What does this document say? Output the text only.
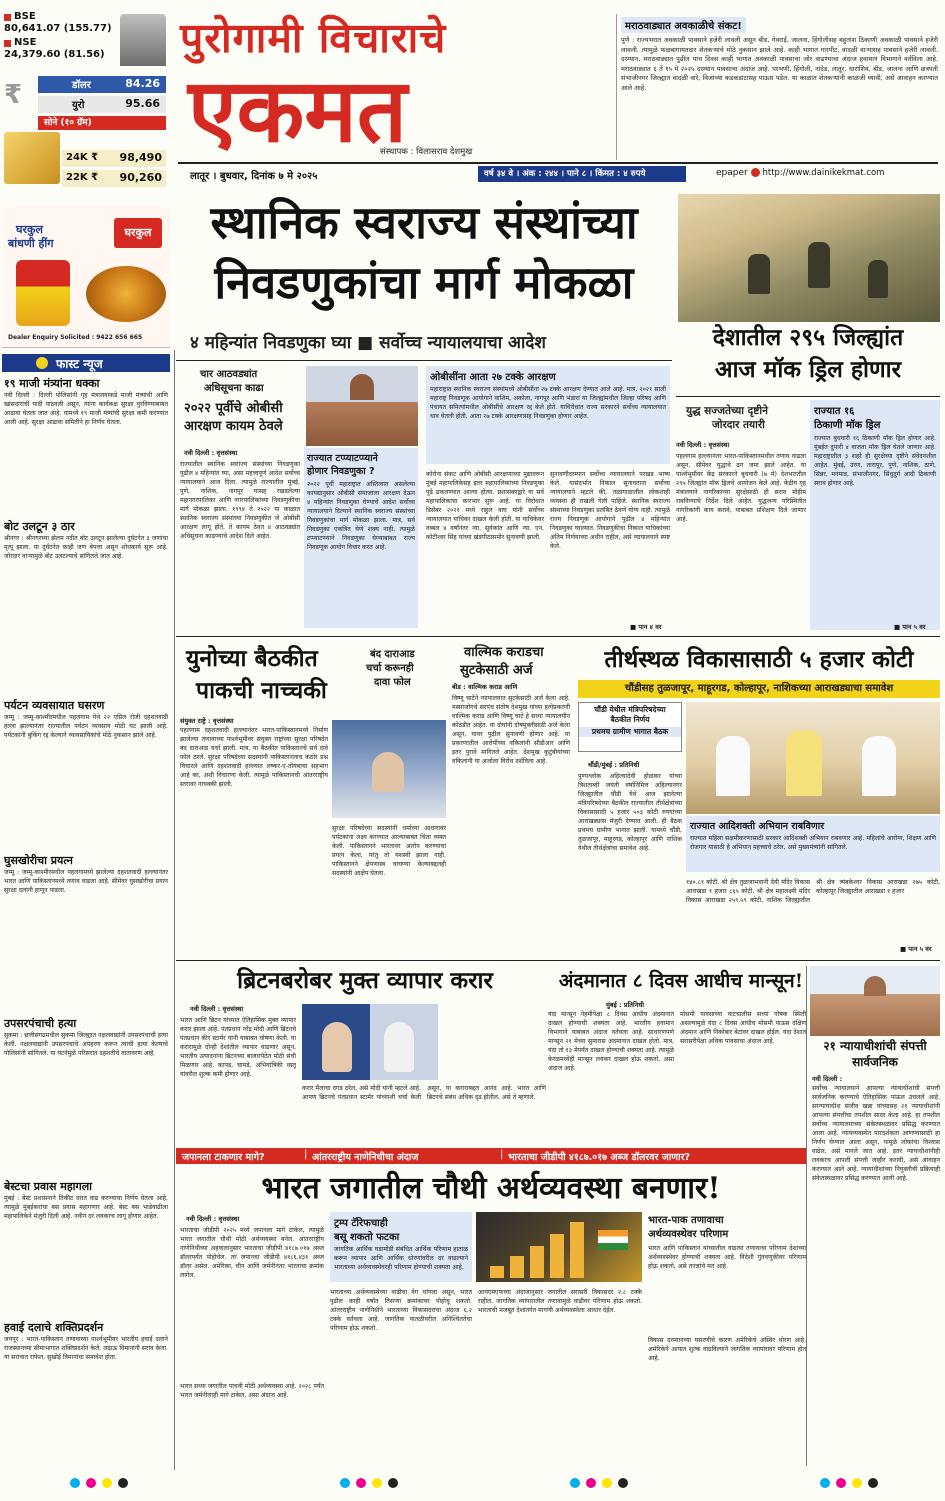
BSE
80,641.07 (155.77)
NSE
24,379.60 (81.56)
₹	डॉलर	84.26
युरो	95.66
सोने (१० ग्रॅम)
24K ₹ 98,490
22K ₹ 90,260
घरकुल
बांधणी हींग
घरकुल
Dealer Enquiry Solicited : 9422 656 665
पुरोगामी विचाराचे
एकमत
संस्थापक : विलासराव देशमुख
लातूर । बुधवार, दिनांक ७ मे २०२५	वर्ष ३४ वे । अंक : २४४ । पाने ८ । किंमत : ४ रुपये	epaper http://www.dainikekmat.com
मराठवाड्यात अवकाळीचे संकट!
पुणे : राज्यभरात अवकाळी पावसाने हजेरी लावली असून बीड, गेवराई, जालना, हिंगोलीसह बहुतांश ठिकाणी अवकाळी पावसाने हजेरी लावली. त्यामुळे फळबागायतदार शेतकऱ्यांचे मोठे नुकसान झाले आहे. काही भागात गारपीट, वादळी वाऱ्यासह पावसाने हजेरी लावली. दरम्यान, मराठवाड्यात पुढील पाच दिवस काही भागात अवकाळी पावसाचा जोर वाढण्याचा अंदाज हवामान विभागाने वर्तविला आहे. मराठवाड्यात ६ ते १५ मे २०२५ दरम्यान पावसाचा अंदाज आहे. परभणी, हिंगोली, नांदेड, लातूर, धाराशिव, बीड, जालना आणि छत्रपती संभाजीनगर जिल्ह्यात वादळी वारे, विजांच्या कडकडाटासह पाऊस पडेल. या काळात शेतकऱ्यांनी काळजी घ्यावी, असे आवाहन करण्यात आले आहे.
स्थानिक स्वराज्य संस्थांच्या
निवडणुकांचा मार्ग मोकळा
४ महिन्यांत निवडणुका घ्या ■ सर्वोच्च न्यायालयाचा आदेश	देशातील २९५ जिल्ह्यांत
आज मॉक ड्रिल होणार
युद्ध सज्जतेच्या दृष्टीने
जोरदार तयारी
नवी दिल्ली : वृत्तसंस्था
पहलगाम हल्ल्यानंतर भारत-पाकिस्तानमधील तणाव वाढला असून, सीमेवर युद्धाचे ढग जमा झाले आहेत. या पार्श्वभूमीवर केंद्र सरकारने बुधवारी (७ मे) देशभरातील २९५ जिल्ह्यांत मॉक ड्रिलचे आयोजन केले आहे. केंद्रीय गृह मंत्रालयाने नागरिकांच्या सुरक्षेसाठी ही सराव मोहीम राबविण्याचे निर्देश दिले आहेत. युद्धजन्य परिस्थितीत नागरिकांनी काय करावे, याबाबत प्रशिक्षण दिले जाणार आहे.
राज्यात १६
ठिकाणी मॉक ड्रिल
राज्यात बुधवारी १६ ठिकाणी मॉक ड्रिल होणार आहे. मुंबईत दुपारी ४ वाजता मॉक ड्रिल घेतले जाणार आहे. महाराष्ट्रातील ३ शहरे ही सुरक्षेच्या दृष्टीने संवेदनशील आहेत. मुंबई, उरण, तारापूर, पुणे, नाशिक, ठाणे, सिन्नर, मनमाड, संभाजीनगर, सिंधुदुर्ग आदी ठिकाणी सराव होणार आहे.
चार आठवड्यांत
अधिसूचना काढा
२०२२ पूर्वीचे ओबीसी
आरक्षण कायम ठेवले
नवी दिल्ली : वृत्तसंस्था
राज्यातील स्थानिक स्वराज्य संस्थांच्या निवडणुका पुढील ४ महिन्यांत घ्या, असा महत्त्वपूर्ण आदेश सर्वोच्च न्यायालयाने आज दिला. त्यामुळे राज्यातील मुंबई, पुणे, नाशिक, नागपूर यासह रखडलेल्या महानगरपालिका आणि नगरपालिकांच्या निवडणुकीचा मार्ग मोकळा झाला. १९९४ ते २०२२ या काळात स्थानिक स्वराज्य संस्थांच्या निवडणुकीत जे ओबीसी आरक्षण लागू होते, ते कायम ठेवत ४ आठवड्यांत अधिसूचना काढण्याचे आदेश दिले आहेत.
राज्यात टप्प्याटप्प्याने
होणार निवडणुका ?
२०२२ पूर्वी महाराष्ट्रात अस्तित्वात असलेल्या कायद्यानुसार ओबीसी समाजाला आरक्षण देऊन ४ महिन्यांत निवडणुका घेण्याचे आदेश सर्वोच्च न्यायालयाने दिल्याने स्थानिक स्वराज्य संस्थांच्या निवडणुकांचा मार्ग मोकळा झाला. मात्र, सर्व निवडणुका एकत्रित घेणे शक्य नाही. त्यामुळे टप्प्याटप्प्याने निवडणुका घेण्याबाबत राज्य निवडणूक आयोग विचार करत आहे.
ओबीसींना आता २७ टक्के आरक्षण
महाराष्ट्रात स्थानिक स्वराज्य संस्थांमध्ये ओबीसींना २७ टक्के आरक्षण देण्यात आले आहे. मात्र, २०२१ साली महाराष्ट्र निवडणूक आयोगाने वाशिम, अकोला, नागपूर आणि भंडारा या जिल्ह्यांमधील जिल्हा परिषद आणि पंचायत समित्यांमधील ओबीसींचे आरक्षण रद्द केले होते. याविरोधात राज्य सरकारने सर्वोच्च न्यायालयात धाव घेतली होती. आता २७ टक्के आरक्षणासह निवडणुका होणार आहेत.
कोरोना संकट आणि ओबीसी आरक्षणाच्या मुद्यावरून मुंबई महापालिकेसह इतर महापालिकांच्या निवडणुका पुढे ढकलण्यात आल्या होत्या. प्रशासकाद्वारे या सर्व महापालिकांचा कारभार सुरू आहे. या विरोधात डिसेंबर २०२१ मध्ये राहुल वाघ यांनी सर्वोच्च न्यायालयात याचिका दाखल केली होती. या याचिकेवर तब्बल ४ वर्षांनंतर न्या. सूर्यकांत आणि न्या. एन. कोटीश्वर सिंह यांच्या खंडपीठासमोर सुनावणी झाली.
सुनावणीदरम्यान सर्वोच्च न्यायालयाने परखड भाष्य केले. यासंदर्भात निकाल सुनावताना सर्वोच्च न्यायालयाने म्हटले की, तळागाळातील लोकशाही व्यवस्था ही राखली गेली पाहिजे. स्थानिक स्वराज्य संस्थांच्या निवडणुका प्रलंबित ठेवणे योग्य नाही. त्यामुळे राज्य निवडणूक आयोगाने पुढील ४ महिन्यांत निवडणुका घ्याव्यात. निवडणुकीचा निकाल याचिकांच्या अंतिम निर्णयाच्या अधीन राहील, असे न्यायालयाने स्पष्ट केले.
■ पान ४ वर	■ पान ५ वर
युनोच्या बैठकीत
पाकची नाच्चकी
बंद दाराआड
चर्चा करूनही
दावा फोल
संयुक्त राष्ट्रे : वृत्तसंस्था
पहलगाम दहशतवादी हल्ल्यानंतर भारत-पाकिस्तानमध्ये निर्माण झालेल्या तणावाच्या पार्श्वभूमीवर संयुक्त राष्ट्रांच्या सुरक्षा परिषदेत बंद दाराआड चर्चा झाली. मात्र, या बैठकीत पाकिस्तानचे सर्व दावे फोल ठरले. सुरक्षा परिषदेच्या सदस्यांनी पाकिस्तानलाच कठोर प्रश्न विचारले आणि दहशतवादी हल्ल्यात लष्कर-ए-तोयबाचा सहभाग आहे का, अशी विचारणा केली. त्यामुळे पाकिस्तानची आंतरराष्ट्रीय स्तरावर नाचक्की झाली.
सुरक्षा परिषदेच्या सदस्यांनी धर्माच्या आधारावर पर्यटकांना लक्ष्य करण्यात आल्याबाबत चिंता व्यक्त केली. पाकिस्तानने भारतावर आरोप करण्याचा प्रयत्न केला, परंतु तो यशस्वी झाला नाही. पाकिस्तानने क्षेपणास्त्र चाचण्या केल्याबद्दलही सदस्यांनी आक्षेप घेतला.
वाल्मिक कराडचा
सुटकेसाठी अर्ज
बीड : वाल्मिक कराड आणि
विष्णू चाटेने न्यायालयात सुटकेसाठी अर्ज केला आहे. मस्साजोगचे सरपंच संतोष देशमुख यांच्या हत्येप्रकरणी वाल्मिक कराड आणि विष्णू चाटे हे सध्या न्यायालयीन कोठडीत आहेत. या दोघांनी दोषमुक्तीसाठी अर्ज केला असून, यावर पुढील सुनावणी होणार आहे. या प्रकरणातील आरोपींच्या वकिलांनी सीडीआर आणि इतर पुरावे मागितले आहेत. देशमुख कुटुंबीयांच्या वकिलांनी या अर्जाला विरोध दर्शविला आहे.
तीर्थस्थळ विकासासाठी ५ हजार कोटी
चौंडीसह तुळजापूर, माहूरगड, कोल्हापूर, नाशिकच्या आराखड्याचा समावेश
चौंडी येथील मंत्रिपरिषदेच्या
बैठकीत निर्णय
प्रथमच ग्रामीण भागात बैठक
चौंडी/मुंबई : प्रतिनिधी
पुण्यश्लोक अहिल्यादेवी होळकर यांच्या त्रिशताब्दी जयंती वर्षानिमित्त अहिल्यानगर जिल्ह्यातील चौंडी येथे आज झालेल्या मंत्रिपरिषदेच्या बैठकीत राज्यातील तीर्थक्षेत्रांच्या विकासासाठी ५ हजार ५०३ कोटी रुपयांच्या आराखड्यास मंजुरी देण्यात आली. ही बैठक प्रथमच ग्रामीण भागात झाली. यामध्ये चौंडी, तुळजापूर, माहूरगड, कोल्हापूर आणि नाशिक येथील तीर्थक्षेत्रांचा समावेश आहे.
राज्यात आदिशक्ती अभियान राबविणार
राज्यात महिला सक्षमीकरणासाठी सरकार आदिशक्ती अभियान राबवणार आहे. महिलांचे आरोग्य, शिक्षण आणि रोजगार यासाठी हे अभियान महत्त्वाचे ठरेल, असे मुख्यमंत्र्यांनी सांगितले.
१४०.८१ कोटी, श्री क्षेत्र तुळजाभवानी देवी मंदिर विकास आराखडा १ हजार ८६५ कोटी, श्री क्षेत्र महालक्ष्मी मंदिर विकास आराखडा २५९.५९ कोटी, नाशिक जिल्ह्यातील श्री क्षेत्र त्र्यंबकेश्वर विकास आराखडा २७५ कोटी, कोल्हापूर जिल्ह्यातील आराखडा १ हजार
■ पान ५ वर
ब्रिटनबरोबर मुक्त व्यापार करार
नवी दिल्ली : वृत्तसंस्था
भारत आणि ब्रिटन यांच्यात ऐतिहासिक मुक्त व्यापार करार झाला आहे. पंतप्रधान नरेंद्र मोदी आणि ब्रिटनचे पंतप्रधान कीर स्टार्मर यांनी याबाबत घोषणा केली. या करारामुळे दोन्ही देशांतील व्यापार वाढणार असून, भारतीय उत्पादनांना ब्रिटनच्या बाजारपेठेत मोठी संधी मिळणार आहे. कापड, चामडे, अभियांत्रिकी वस्तू यांवरील शुल्क कमी होणार आहे.
करार मैलाचा दगड ठरेल, असे मोदी यांनी म्हटले आहे. आपण ब्रिटनचे पंतप्रधान स्टार्मर यांच्याशी चर्चा केली असून, या कराराबद्दल आनंद आहे. भारत आणि ब्रिटनचे संबंध अधिक दृढ होतील, असे ते म्हणाले.
अंदमानात ८ दिवस आधीच मान्सून!
मुंबई : प्रतिनिधी
यंदा मान्सून नेहमीपेक्षा ८ दिवस आधीच अंदमानात दाखल होण्याची शक्यता आहे. भारतीय हवामान विभागाने याबाबत अंदाज वर्तवला आहे. साधारणपणे मान्सून २१ मेच्या सुमारास अंदमानात दाखल होतो. मात्र, यंदा तो १३ मेपर्यंत दाखल होण्याची शक्यता आहे. त्यामुळे केरळमध्येही मान्सून लवकर दाखल होऊ शकतो, असा अंदाज आहे.
मोसमी पावसाच्या वाटचालीस सध्या पोषक स्थिती असल्यामुळे यंदा ८ दिवस आधीच मोसमी पाऊस दक्षिण अंदमान आणि निकोबार बेटांवर दाखल होईल. यंदा देशात सरासरीपेक्षा अधिक पावसाचा अंदाज आहे.	२१ न्यायाधीशांची संपत्ती सार्वजनिक
नवी दिल्ली :
सर्वोच्च न्यायालयाने आपल्या न्यायाधीशांची संपत्ती सार्वजनिक करण्याचे ऐतिहासिक पाऊल उचलले आहे. सरन्यायाधीश संजीव खन्ना यांच्यासह २१ न्यायाधीशांनी आपल्या संपत्तीचा तपशील सादर केला आहे. हा तपशील सर्वोच्च न्यायालयाच्या संकेतस्थळावर प्रसिद्ध करण्यात आला आहे. न्यायव्यवस्थेत पारदर्शकता आणण्यासाठी हा निर्णय घेण्यात आला असून, यामुळे लोकांचा विश्वास वाढेल, असे मानले जात आहे. इतर न्यायाधीशांनीही लवकरच आपली संपत्ती जाहीर करावी, असे आवाहन करण्यात आले आहे. न्यायाधीशांच्या नियुक्तीची प्रक्रियाही संकेतस्थळावर प्रसिद्ध करण्यात आली आहे.
जपानला टाकणार मागे?	| आंतरराष्ट्रीय नाणेनिधीचा अंदाज	| भारताचा जीडीपी ४१८७.०१७ अब्ज डॉलरवर जाणार?
भारत जगातील चौथी अर्थव्यवस्था बनणार!
नवी दिल्ली : वृत्तसंस्था
भारताचा जीडीपी २०२५ मध्ये जपानला मागे टाकेल, त्यामुळे भारत जगातील चौथी मोठी अर्थव्यवस्था बनेल. आंतरराष्ट्रीय नाणेनिधीच्या अहवालानुसार भारताचा जीडीपी ४१८७.०१७ अब्ज डॉलरपर्यंत पोहोचेल. तर जपानचा जीडीपी ४१८६.४३१ अब्ज डॉलर असेल. अमेरिका, चीन आणि जर्मनीनंतर भारताचा क्रमांक लागेल.
भारत सध्या जगातील पाचवी मोठी अर्थव्यवस्था आहे. २०२८ पर्यंत भारत जर्मनीलाही मागे टाकेल, असा अंदाज आहे.
ट्रम्प टॅरिफचाही
बसू शकतो फटका
जागतिक आर्थिक घडामोडी संबंधित आर्थिक परिणाम हाताळ करून व्यापार आणि आर्थिक धोरणांवरील दर वाढल्याने भारताच्या अर्थव्यवस्थेवरही परिणाम होण्याची शक्यता आहे.
भारताच्या अर्थव्यवस्थेच्या वाढीचा वेग चांगला असून, भारत पुढील काही वर्षांत तिसऱ्या क्रमांकावर पोहोचू शकतो. आंतरराष्ट्रीय नाणेनिधीने भारताच्या विकासदराचा अंदाज ६.२ टक्के वर्तवला आहे. जागतिक पातळीवरील अनिश्चिततेचा परिणाम होऊ शकतो.
आयएमएफच्या अंदाजानुसार जगातील सरासरी विकासदर २.८ टक्के राहील. जागतिक व्यापारातील तणावामुळे वाढीवर परिणाम होऊ शकतो. भारताची मजबूत देशांतर्गत मागणी अर्थव्यवस्थेला आधार देईल.
भारत-पाक तणावाचा
अर्थव्यवस्थेवर परिणाम
भारत आणि पाकिस्तान यांच्यातील वाढत्या तणावाचा परिणाम देशाच्या अर्थव्यवस्थेवर होण्याची शक्यता आहे. विदेशी गुंतवणुकीवर परिणाम होऊ शकतो, असे तज्ज्ञांचे मत आहे.
विकास दरम्यानच्या घसरणीचे कारण अमेरिकेचे अस्थिर धोरण आहे. अमेरिकेने आयात शुल्क वाढविल्याने जागतिक व्यापारावर परिणाम होत आहे.
फास्ट न्यूज
१९ माजी मंत्र्यांना धक्का
नवी दिल्ली : दिल्ली पोलिसांनी गृह मंत्रालयाकडे माजी मंत्र्यांची आणि खासदारांची यादी पाठवली असून, त्यांना कार्यकक्ष सुरक्षा पुरविण्याबाबत आढावा घेतला जात आहे. यामध्ये १९ माजी मंत्र्यांची सुरक्षा कमी करण्यात आली आहे. सुरक्षा आढावा समितीने हा निर्णय घेतला.
बोट उलटून ३ ठार
श्रीनगर : श्रीनगरच्या झेलम नदीत बोट उलटून झालेल्या दुर्घटनेत ३ जणांचा मृत्यू झाला. या दुर्घटनेत काही जण बेपत्ता असून शोधकार्य सुरू आहे. जोरदार वाऱ्यामुळे बोट उलटल्याचे सांगितले जात आहे.
पर्यटन व्यवसायात घसरण
जम्मू : जम्मू-काश्मीरमधील पहलगाम येथे २२ एप्रिल रोजी दहशतवादी हल्ला झाल्यानंतर राज्यातील पर्यटन व्यवसाय मोठी घट झाली आहे. पर्यटकांनी बुकिंग रद्द केल्याने व्यावसायिकांचे मोठे नुकसान झाले आहे.
घुसखोरीचा प्रयत्न
जम्मू : जम्मू-काश्मीरमधील पहलगामध्ये झालेल्या दहशतवादी हल्ल्यानंतर भारत आणि पाकिस्तानमध्ये तणाव वाढला आहे. सीमेवर घुसखोरीचा प्रयत्न सुरक्षा दलांनी हाणून पाडला.
उपसरपंचाची हत्या
सुकमा : छत्तीसगढमधील सुकमा जिल्ह्यात नक्षलवाद्यांनी उपसरपंचाची हत्या केली. नक्षलवाद्यांनी उपसरपंचाचे अपहरण करून त्याची हत्या केल्याचे पोलिसांनी सांगितले. या घटनेमुळे परिसरात दहशतीचे वातावरण आहे.
बेस्टचा प्रवास महागला
मुंबई : बेस्ट प्रशासनाने तिकीट दरात वाढ करण्याचा निर्णय घेतला आहे. त्यामुळे मुंबईकरांचा बस प्रवास महागणार आहे. बेस्ट बस भाडेवाढीला महापालिकेने मंजुरी दिली आहे. नवीन दर लवकरच लागू होणार आहेत.
हवाई दलाचे शक्तिप्रदर्शन
जयपूर : भारत-पाकिस्तान तणावाच्या पार्श्वभूमीवर भारतीय हवाई दलाने राजस्थानच्या सीमाभागात शक्तिप्रदर्शन केले. लढाऊ विमानांनी सराव केला. या सरावात राफेल, सुखोई विमानांचा समावेश होता.
